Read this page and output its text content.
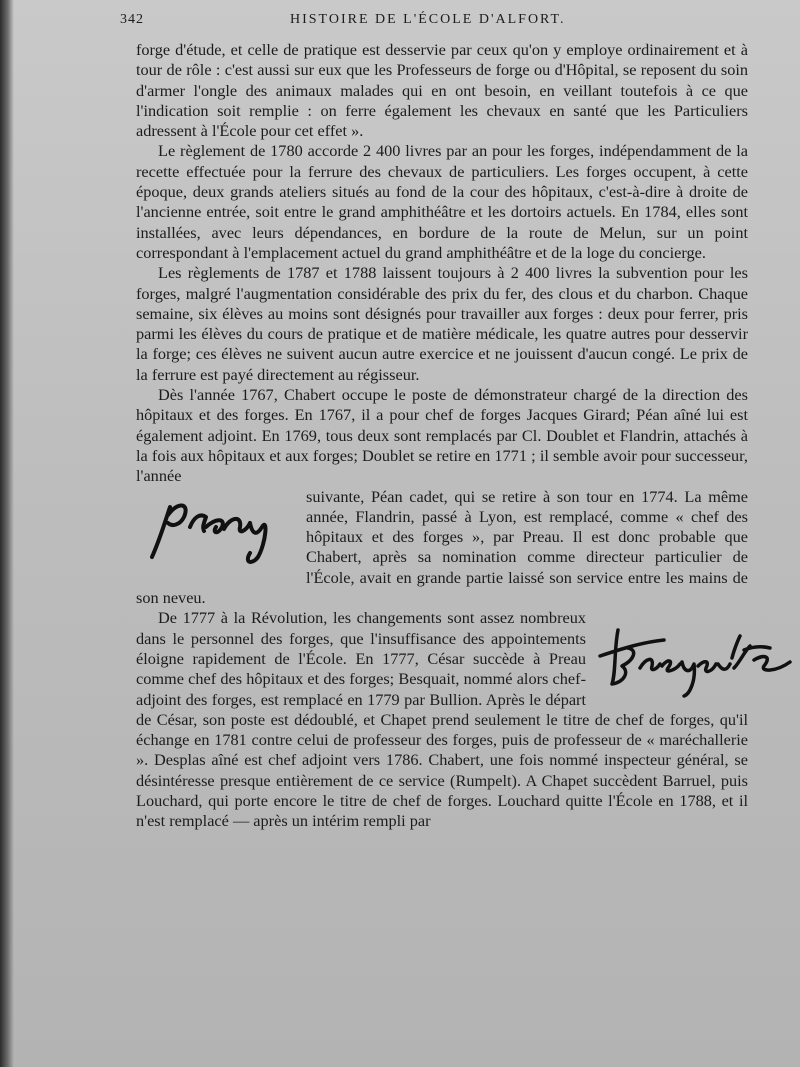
342	HISTOIRE DE L'ÉCOLE D'ALFORT.

forge d'étude, et celle de pratique est desservie par ceux qu'on y employe ordinairement et à tour de rôle : c'est aussi sur eux que les Professeurs de forge ou d'Hôpital, se reposent du soin d'armer l'ongle des animaux malades qui en ont besoin, en veillant toutefois à ce que l'indication soit remplie : on ferre également les chevaux en santé que les Particuliers adressent à l'École pour cet effet ».

Le règlement de 1780 accorde 2 400 livres par an pour les forges, indépendamment de la recette effectuée pour la ferrure des chevaux de particuliers. Les forges occupent, à cette époque, deux grands ateliers situés au fond de la cour des hôpitaux, c'est-à-dire à droite de l'ancienne entrée, soit entre le grand amphithéâtre et les dortoirs actuels. En 1784, elles sont installées, avec leurs dépendances, en bordure de la route de Melun, sur un point correspondant à l'emplacement actuel du grand amphithéâtre et de la loge du concierge.

Les règlements de 1787 et 1788 laissent toujours à 2 400 livres la subvention pour les forges, malgré l'augmentation considérable des prix du fer, des clous et du charbon. Chaque semaine, six élèves au moins sont désignés pour travailler aux forges : deux pour ferrer, pris parmi les élèves du cours de pratique et de matière médicale, les quatre autres pour desservir la forge; ces élèves ne suivent aucun autre exercice et ne jouissent d'aucun congé. Le prix de la ferrure est payé directement au régisseur.

Dès l'année 1767, Chabert occupe le poste de démonstrateur chargé de la direction des hôpitaux et des forges. En 1767, il a pour chef de forges Jacques Girard; Péan aîné lui est également adjoint. En 1769, tous deux sont remplacés par Cl. Doublet et Flandrin, attachés à la fois aux hôpitaux et aux forges; Doublet se retire en 1771 ; il semble avoir pour successeur, l'année

suivante, Péan cadet, qui se retire à son tour en 1774. La même année, Flandrin, passé à Lyon, est remplacé, comme « chef des hôpitaux et des forges », par Preau. Il est donc probable que Chabert, après sa nomination comme directeur particulier de l'École, avait en grande partie laissé son service entre les mains de son neveu.

De 1777 à la Révolution, les changements sont assez nombreux dans le personnel des forges, que l'insuffisance des appointements éloigne rapidement de l'École. En 1777, César succède à Preau comme chef des hôpitaux et des forges; Besquait, nommé alors chef-adjoint des forges, est remplacé en 1779 par Bullion. Après le départ de César, son poste est dédoublé, et Chapet prend seulement le titre de chef de forges, qu'il échange en 1781 contre celui de professeur des forges, puis de professeur de « maréchallerie ». Desplas aîné est chef adjoint vers 1786. Chabert, une fois nommé inspecteur général, se désintéresse presque entièrement de ce service (Rumpelt). A Chapet succèdent Barruel, puis Louchard, qui porte encore le titre de chef de forges. Louchard quitte l'École en 1788, et il n'est remplacé — après un intérim rempli par
